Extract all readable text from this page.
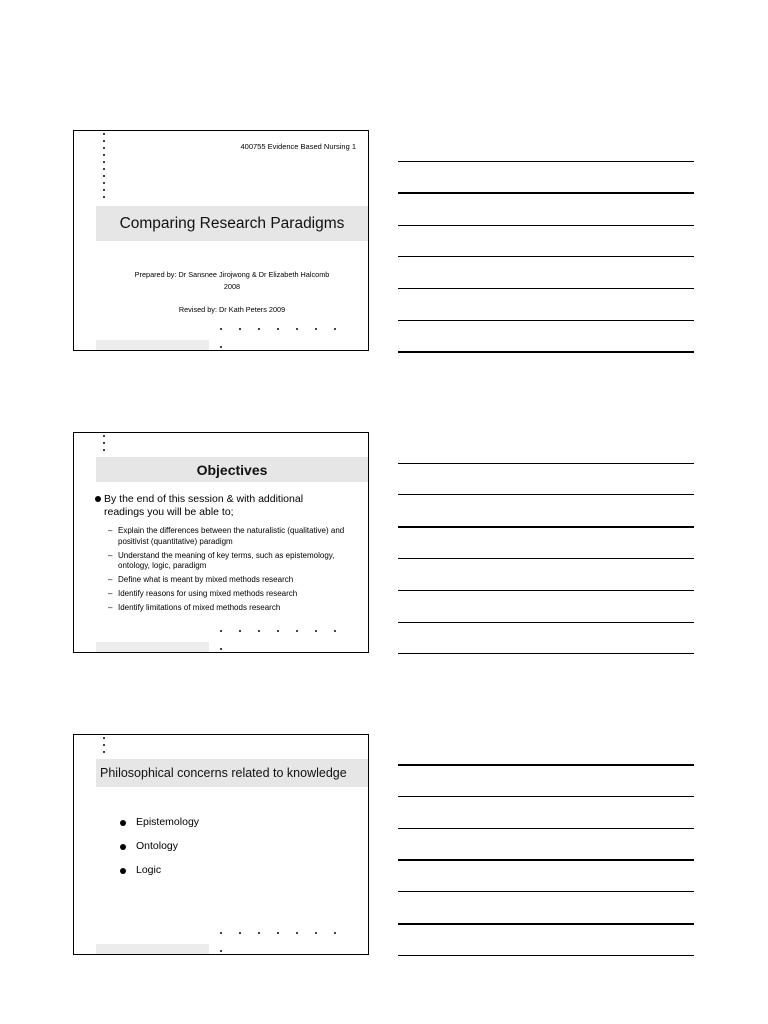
400755 Evidence Based Nursing 1
Comparing Research Paradigms
Prepared by: Dr Sansnee Jirojwong & Dr Elizabeth Halcomb
2008
Revised by: Dr Kath Peters 2009
Objectives
By the end of this session & with additional readings you will be able to;
– Explain the differences between the naturalistic (qualitative) and positivist (quantitative) paradigm
– Understand the meaning of key terms, such as epistemology, ontology, logic, paradigm
– Define what is meant by mixed methods research
– Identify reasons for using mixed methods research
– Identify limitations of mixed methods research
Philosophical concerns related to knowledge
Epistemology
Ontology
Logic
